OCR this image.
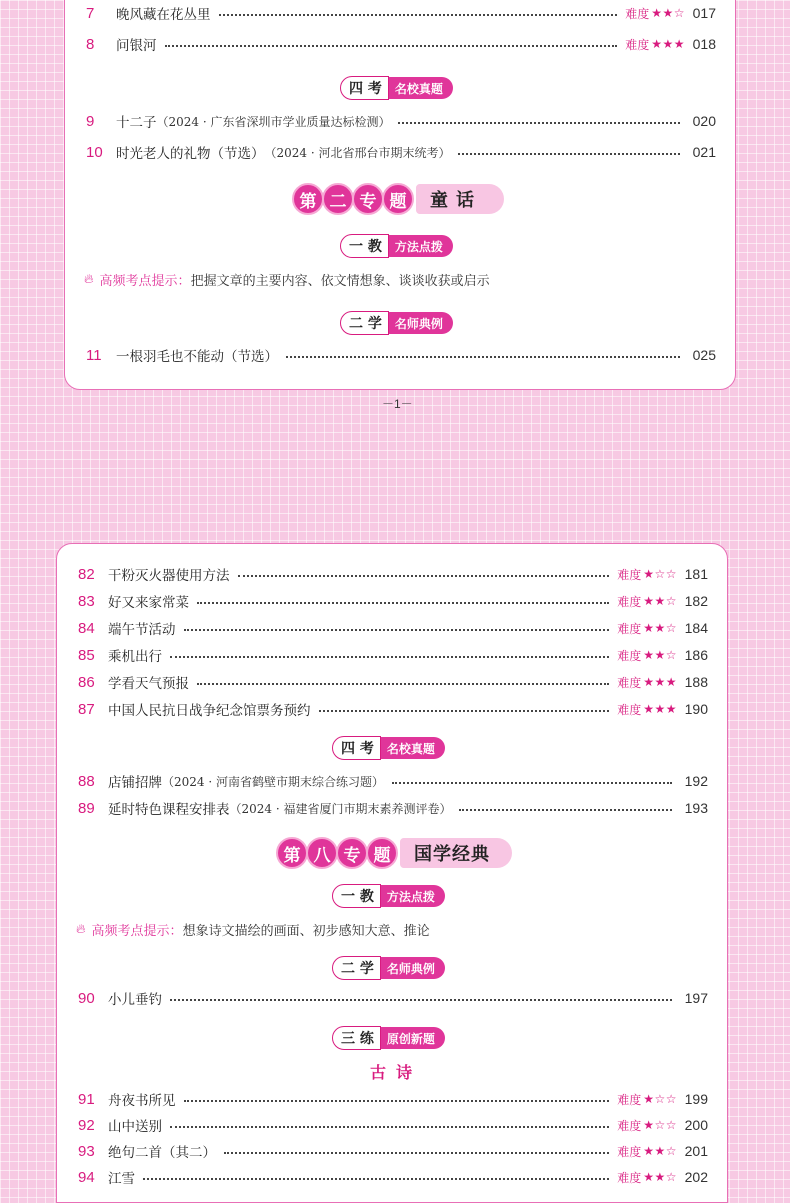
7	晚风藏在花丛里	难度 ★★☆ 017
8	问银河	难度 ★★★ 018
四 考	名校真题
9	十二子 （2024 · 广东省深圳市学业质量达标检测）	020
10 时光老人的礼物（节选） （2024 · 河北省邢台市期末统考）	021
第 二 专 题	童话
一 教	方法点拨
🔥︎ 高频考点提示： 把握文章的主要内容、依文情想象、谈谈收获或启示
二 学	名师典例
11	一根羽毛也不能动（节选）	025
－1－
82 干粉灭火器使用方法	难度 ★☆☆ 181
83 好又来家常菜	难度 ★★☆ 182
84 端午节活动	难度 ★★☆ 184
85 乘机出行	难度 ★★☆ 186
86 学看天气预报	难度 ★★★ 188
87 中国人民抗日战争纪念馆票务预约	难度 ★★★ 190
四 考	名校真题
88 店铺招牌 （2024 · 河南省鹤壁市期末综合练习题）	192
89 延时特色课程安排表 （2024 · 福建省厦门市期末素养测评卷）	193
第 八 专 题	国学经典
一 教	方法点拨
🔥︎ 高频考点提示： 想象诗文描绘的画面、初步感知大意、推论
二 学	名师典例
90 小儿垂钓	197
三 练	原创新题
古诗
91 舟夜书所见	难度 ★☆☆ 199
92 山中送别	难度 ★☆☆ 200
93 绝句二首（其二）	难度 ★★☆ 201
94 江雪	难度 ★★☆ 202
